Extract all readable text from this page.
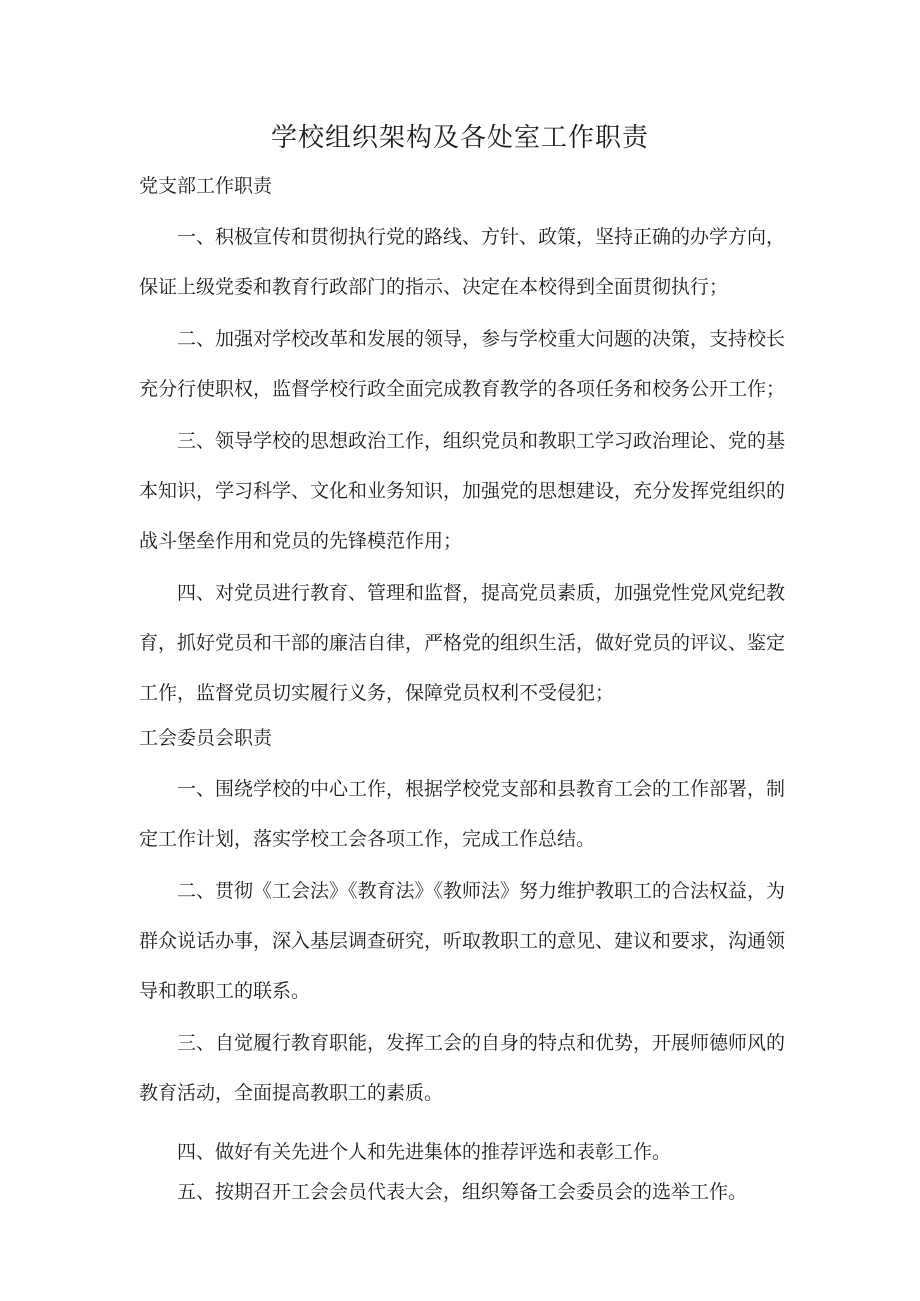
学校组织架构及各处室工作职责
党支部工作职责

一、积极宣传和贯彻执行党的路线、方针、政策，坚持正确的办学方向，保证上级党委和教育行政部门的指示、决定在本校得到全面贯彻执行；

二、加强对学校改革和发展的领导，参与学校重大问题的决策，支持校长充分行使职权，监督学校行政全面完成教育教学的各项任务和校务公开工作；

三、领导学校的思想政治工作，组织党员和教职工学习政治理论、党的基本知识，学习科学、文化和业务知识，加强党的思想建设，充分发挥党组织的战斗堡垒作用和党员的先锋模范作用；

四、对党员进行教育、管理和监督，提高党员素质，加强党性党风党纪教育，抓好党员和干部的廉洁自律，严格党的组织生活，做好党员的评议、鉴定工作，监督党员切实履行义务，保障党员权利不受侵犯；

工会委员会职责

一、围绕学校的中心工作，根据学校党支部和县教育工会的工作部署，制定工作计划，落实学校工会各项工作，完成工作总结。

二、贯彻《工会法》《教育法》《教师法》努力维护教职工的合法权益，为群众说话办事，深入基层调查研究，听取教职工的意见、建议和要求，沟通领导和教职工的联系。

三、自觉履行教育职能，发挥工会的自身的特点和优势，开展师德师风的教育活动，全面提高教职工的素质。

四、做好有关先进个人和先进集体的推荐评选和表彰工作。

五、按期召开工会会员代表大会，组织筹备工会委员会的选举工作。
